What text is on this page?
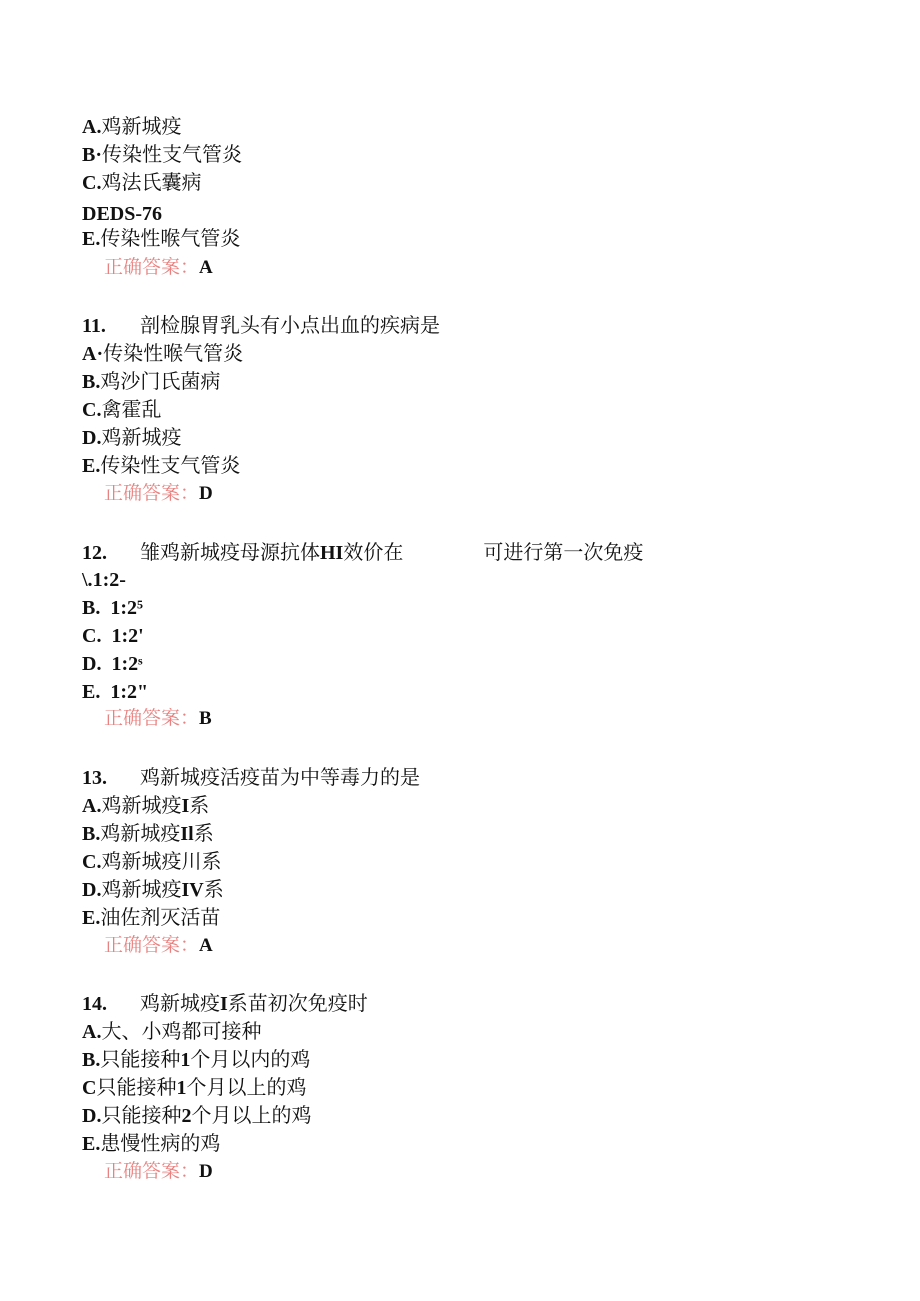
A.鸡新城疫
B·传染性支气管炎
C.鸡法氏囊病
DEDS-76
E.传染性喉气管炎
正确答案：A
11. 剖检腺胃乳头有小点出血的疾病是
A·传染性喉气管炎
B.鸡沙门氏菌病
C.禽霍乱
D.鸡新城疫
E.传染性支气管炎
正确答案：D
12. 雏鸡新城疫母源抗体HI效价在	可进行第一次免疫
\.1:2-
B. 1:2⁵
C. 1:2'
D. 1:2ˢ
E. 1:2"
正确答案：B
13. 鸡新城疫活疫苗为中等毒力的是
A.鸡新城疫I系
B.鸡新城疫Il系
C.鸡新城疫川系
D.鸡新城疫IV系
E.油佐剂灭活苗
正确答案：A
14. 鸡新城疫I系苗初次免疫时
A.大、小鸡都可接种
B.只能接种1个月以内的鸡
C只能接种1个月以上的鸡
D.只能接种2个月以上的鸡
E.患慢性病的鸡
正确答案：D
